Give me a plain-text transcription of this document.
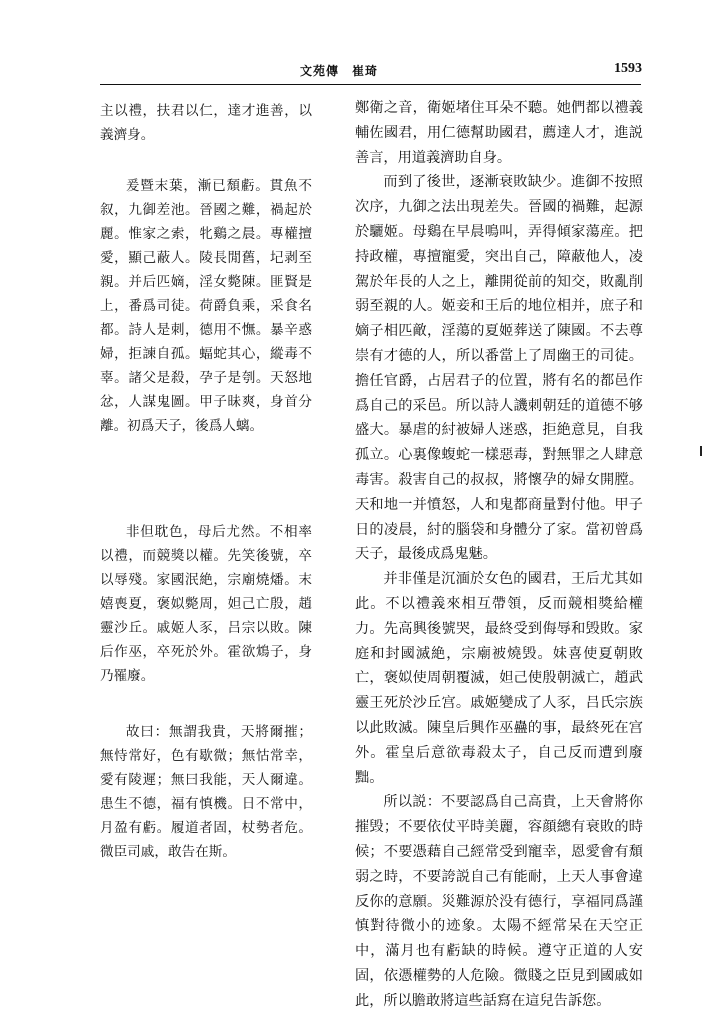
文苑傳　崔琦	1593

主以禮，扶君以仁，達才進善，以義濟身。

爰暨末葉，漸已頹虧。貫魚不叙，九御差池。晉國之難，禍起於麗。惟家之索，牝鷄之晨。專權擅愛，顯己蔽人。陵長閒舊，圮剥至親。并后匹嫡，淫女斃陳。匪賢是上，番爲司徒。荷爵負乘，采食名都。詩人是刺，德用不憮。暴辛惑婦，拒諫自孤。蝠蛇其心，縱毒不辜。諸父是殺，孕子是刳。天怒地忿，人謀鬼圖。甲子昧爽，身首分離。初爲天子，後爲人螭。

非但耽色，母后尤然。不相率以禮，而競獎以權。先笑後號，卒以辱殘。家國泯絶，宗廟燒燔。末嬉喪夏，褒姒斃周，妲己亡殷，趙靈沙丘。戚姬人豕，吕宗以敗。陳后作巫，卒死於外。霍欲鴆子，身乃罹廢。

故曰：無謂我貴，天將爾摧；無恃常好，色有歇微；無怙常幸，愛有陵遲；無曰我能，天人爾違。患生不德，福有慎機。日不常中，月盈有虧。履道者固，杖勢者危。微臣司戚，敢告在斯。

鄭衛之音，衛姬堵住耳朵不聽。她們都以禮義輔佐國君，用仁德幫助國君，薦達人才，進説善言，用道義濟助自身。

而到了後世，逐漸衰敗缺少。進御不按照次序，九御之法出現差失。晉國的禍難，起源於驪姬。母鷄在早晨鳴叫，弄得傾家蕩産。把持政權，專擅寵愛，突出自己，障蔽他人，凌駕於年長的人之上，離開從前的知交，敗亂削弱至親的人。姬妾和王后的地位相并，庶子和嫡子相匹敵，淫蕩的夏姬葬送了陳國。不去尊崇有才德的人，所以番當上了周幽王的司徒。擔任官爵，占居君子的位置，將有名的都邑作爲自己的采邑。所以詩人譏刺朝廷的道德不够盛大。暴虐的紂被婦人迷惑，拒絶意見，自我孤立。心裏像蝮蛇一樣惡毒，對無罪之人肆意毒害。殺害自己的叔叔，將懷孕的婦女開膛。天和地一并憤怒，人和鬼都商量對付他。甲子日的凌晨，紂的腦袋和身體分了家。當初曾爲天子，最後成爲鬼魅。

并非僅是沉湎於女色的國君，王后尤其如此。不以禮義來相互帶領，反而競相獎給權力。先高興後號哭，最終受到侮辱和毁敗。家庭和封國滅絶，宗廟被燒毁。妹喜使夏朝敗亡，褒姒使周朝覆滅，妲己使殷朝滅亡，趙武靈王死於沙丘宫。戚姬變成了人豕，吕氏宗族以此敗滅。陳皇后興作巫蠱的事，最終死在宫外。霍皇后意欲毒殺太子，自己反而遭到廢黜。

所以説：不要認爲自己高貴，上天會將你摧毁；不要依仗平時美麗，容顔總有衰敗的時候；不要憑藉自己經常受到寵幸，恩愛會有頹弱之時，不要誇説自己有能耐，上天人事會違反你的意願。災難源於没有德行，享福同爲謹慎對待微小的迹象。太陽不經常呆在天空正中，滿月也有虧缺的時候。遵守正道的人安固，依憑權勢的人危險。微賤之臣見到國戚如此，所以膽敢將這些話寫在這兒告訴您。
